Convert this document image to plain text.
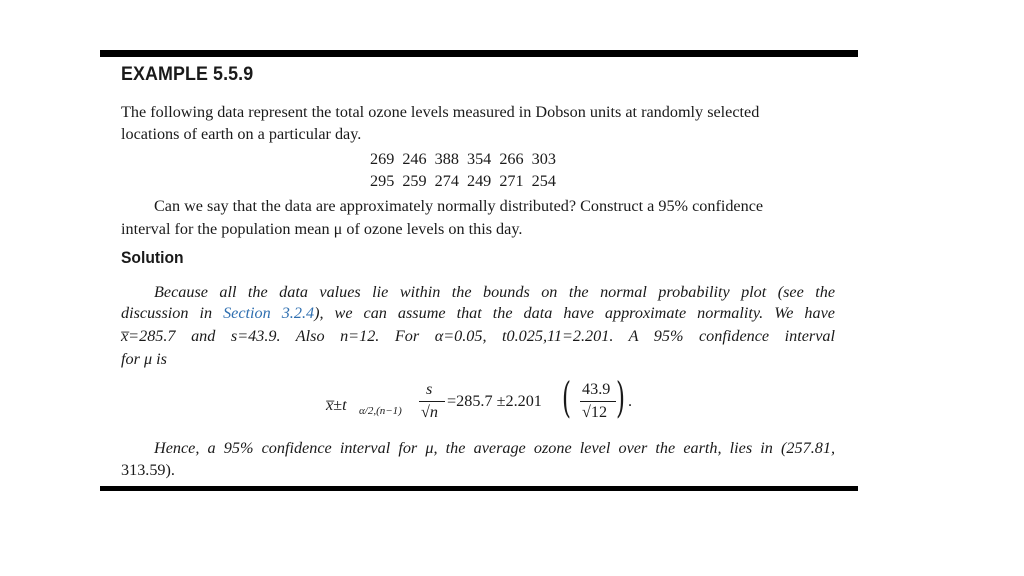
EXAMPLE 5.5.9
The following data represent the total ozone levels measured in Dobson units at randomly selected
locations of earth on a particular day.
269 246 388 354 266 303
295 259 274 249 271 254
Can we say that the data are approximately normally distributed? Construct a 95% confidence
interval for the population mean μ of ozone levels on this day.
Solution
Because all the data values lie within the bounds on the normal probability plot (see the
discussion in Section 3.2.4), we can assume that the data have approximate normality. We have
x̅=285.7 and s=43.9. Also n=12. For α=0.05, t0.025,11=2.201. A 95% confidence interval
for μ is
x̅±t α/2,(n−1)
s
√n
=285.7 ±2.201 ( 43.9
√12 ) .
Hence, a 95% confidence interval for μ, the average ozone level over the earth, lies in (257.81,
313.59).
